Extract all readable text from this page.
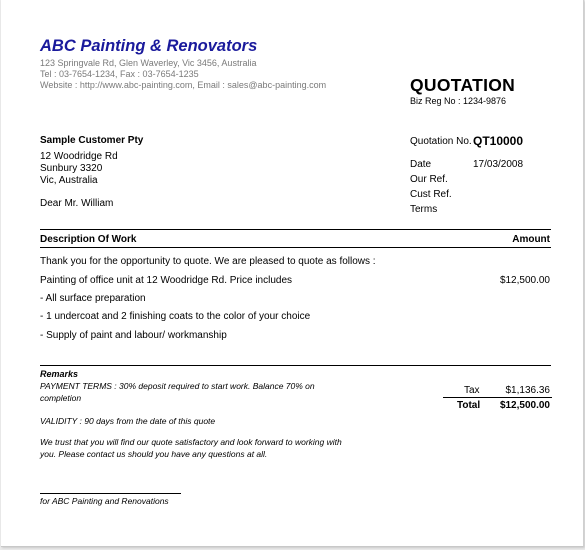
ABC Painting & Renovators
123 Springvale Rd, Glen Waverley, Vic 3456, Australia
Tel : 03-7654-1234, Fax : 03-7654-1235
Website : http://www.abc-painting.com, Email : sales@abc-painting.com	QUOTATION
Biz Reg No : 1234-9876
Sample Customer Pty
12 Woodridge Rd
Sunbury 3320
Vic, Australia
Dear Mr. William
Quotation No. QT10000
Date	17/03/2008
Our Ref.
Cust Ref.
Terms
Description Of Work	Amount
Thank you for the opportunity to quote. We are pleased to quote as follows :
Painting of office unit at 12 Woodridge Rd. Price includes	$12,500.00
- All surface preparation
- 1 undercoat and 2 finishing coats to the color of your choice
- Supply of paint and labour/ workmanship
Remarks
PAYMENT TERMS : 30% deposit required to start work. Balance 70% on
completion
VALIDITY : 90 days from the date of this quote
We trust that you will find our quote satisfactory and look forward to working with
you. Please contact us should you have any questions at all.
Tax	$1,136.36
Total $12,500.00
for ABC Painting and Renovations
